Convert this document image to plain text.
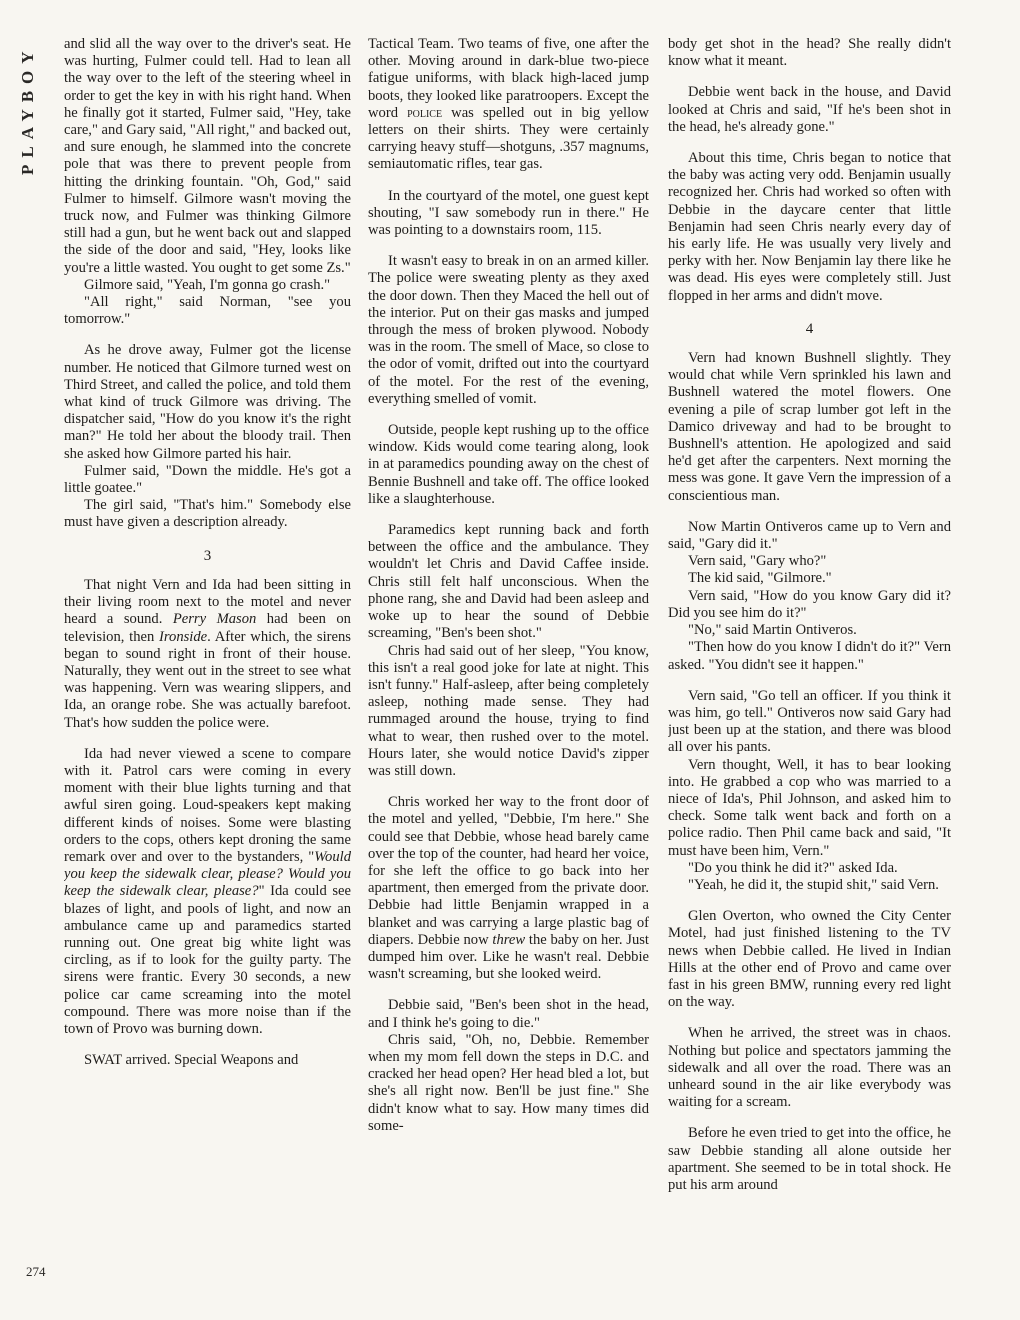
PLAYBOY
274

and slid all the way over to the driver's seat. He was hurting, Fulmer could tell. Had to lean all the way over to the left of the steering wheel in order to get the key in with his right hand. When he finally got it started, Fulmer said, "Hey, take care," and Gary said, "All right," and backed out, and sure enough, he slammed into the concrete pole that was there to prevent people from hitting the drinking fountain. "Oh, God," said Fulmer to himself. Gilmore wasn't moving the truck now, and Fulmer was thinking Gilmore still had a gun, but he went back out and slapped the side of the door and said, "Hey, looks like you're a little wasted. You ought to get some Zs."

Gilmore said, "Yeah, I'm gonna go crash."

"All right," said Norman, "see you tomorrow."

As he drove away, Fulmer got the license number. He noticed that Gilmore turned west on Third Street, and called the police, and told them what kind of truck Gilmore was driving. The dispatcher said, "How do you know it's the right man?" He told her about the bloody trail. Then she asked how Gilmore parted his hair.

Fulmer said, "Down the middle. He's got a little goatee."

The girl said, "That's him." Somebody else must have given a description already.

3

That night Vern and Ida had been sitting in their living room next to the motel and never heard a sound. Perry Mason had been on television, then Ironside. After which, the sirens began to sound right in front of their house. Naturally, they went out in the street to see what was happening. Vern was wearing slippers, and Ida, an orange robe. She was actually barefoot. That's how sudden the police were.

Ida had never viewed a scene to compare with it. Patrol cars were coming in every moment with their blue lights turning and that awful siren going. Loud-speakers kept making different kinds of noises. Some were blasting orders to the cops, others kept droning the same remark over and over to the bystanders, "Would you keep the sidewalk clear, please? Would you keep the sidewalk clear, please?" Ida could see blazes of light, and pools of light, and now an ambulance came up and paramedics started running out. One great big white light was circling, as if to look for the guilty party. The sirens were frantic. Every 30 seconds, a new police car came screaming into the motel compound. There was more noise than if the town of Provo was burning down.

SWAT arrived. Special Weapons and

Tactical Team. Two teams of five, one after the other. Moving around in dark-blue two-piece fatigue uniforms, with black high-laced jump boots, they looked like paratroopers. Except the word police was spelled out in big yellow letters on their shirts. They were certainly carrying heavy stuff—shotguns, .357 magnums, semiautomatic rifles, tear gas.

In the courtyard of the motel, one guest kept shouting, "I saw somebody run in there." He was pointing to a downstairs room, 115.

It wasn't easy to break in on an armed killer. The police were sweating plenty as they axed the door down. Then they Maced the hell out of the interior. Put on their gas masks and jumped through the mess of broken plywood. Nobody was in the room. The smell of Mace, so close to the odor of vomit, drifted out into the courtyard of the motel. For the rest of the evening, everything smelled of vomit.

Outside, people kept rushing up to the office window. Kids would come tearing along, look in at paramedics pounding away on the chest of Bennie Bushnell and take off. The office looked like a slaughterhouse.

Paramedics kept running back and forth between the office and the ambulance. They wouldn't let Chris and David Caffee inside. Chris still felt half unconscious. When the phone rang, she and David had been asleep and woke up to hear the sound of Debbie screaming, "Ben's been shot."

Chris had said out of her sleep, "You know, this isn't a real good joke for late at night. This isn't funny." Half-asleep, after being completely asleep, nothing made sense. They had rummaged around the house, trying to find what to wear, then rushed over to the motel. Hours later, she would notice David's zipper was still down.

Chris worked her way to the front door of the motel and yelled, "Debbie, I'm here." She could see that Debbie, whose head barely came over the top of the counter, had heard her voice, for she left the office to go back into her apartment, then emerged from the private door. Debbie had little Benjamin wrapped in a blanket and was carrying a large plastic bag of diapers. Debbie now threw the baby on her. Just dumped him over. Like he wasn't real. Debbie wasn't screaming, but she looked weird.

Debbie said, "Ben's been shot in the head, and I think he's going to die."

Chris said, "Oh, no, Debbie. Remember when my mom fell down the steps in D.C. and cracked her head open? Her head bled a lot, but she's all right now. Ben'll be just fine." She didn't know what to say. How many times did some-

body get shot in the head? She really didn't know what it meant.

Debbie went back in the house, and David looked at Chris and said, "If he's been shot in the head, he's already gone."

About this time, Chris began to notice that the baby was acting very odd. Benjamin usually recognized her. Chris had worked so often with Debbie in the daycare center that little Benjamin had seen Chris nearly every day of his early life. He was usually very lively and perky with her. Now Benjamin lay there like he was dead. His eyes were completely still. Just flopped in her arms and didn't move.

4

Vern had known Bushnell slightly. They would chat while Vern sprinkled his lawn and Bushnell watered the motel flowers. One evening a pile of scrap lumber got left in the Damico driveway and had to be brought to Bushnell's attention. He apologized and said he'd get after the carpenters. Next morning the mess was gone. It gave Vern the impression of a conscientious man.

Now Martin Ontiveros came up to Vern and said, "Gary did it."

Vern said, "Gary who?"

The kid said, "Gilmore."

Vern said, "How do you know Gary did it? Did you see him do it?"

"No," said Martin Ontiveros.

"Then how do you know I didn't do it?" Vern asked. "You didn't see it happen."

Vern said, "Go tell an officer. If you think it was him, go tell." Ontiveros now said Gary had just been up at the station, and there was blood all over his pants.

Vern thought, Well, it has to bear looking into. He grabbed a cop who was married to a niece of Ida's, Phil Johnson, and asked him to check. Some talk went back and forth on a police radio. Then Phil came back and said, "It must have been him, Vern."

"Do you think he did it?" asked Ida.

"Yeah, he did it, the stupid shit," said Vern.

Glen Overton, who owned the City Center Motel, had just finished listening to the TV news when Debbie called. He lived in Indian Hills at the other end of Provo and came over fast in his green BMW, running every red light on the way.

When he arrived, the street was in chaos. Nothing but police and spectators jamming the sidewalk and all over the road. There was an unheard sound in the air like everybody was waiting for a scream.

Before he even tried to get into the office, he saw Debbie standing all alone outside her apartment. She seemed to be in total shock. He put his arm around
